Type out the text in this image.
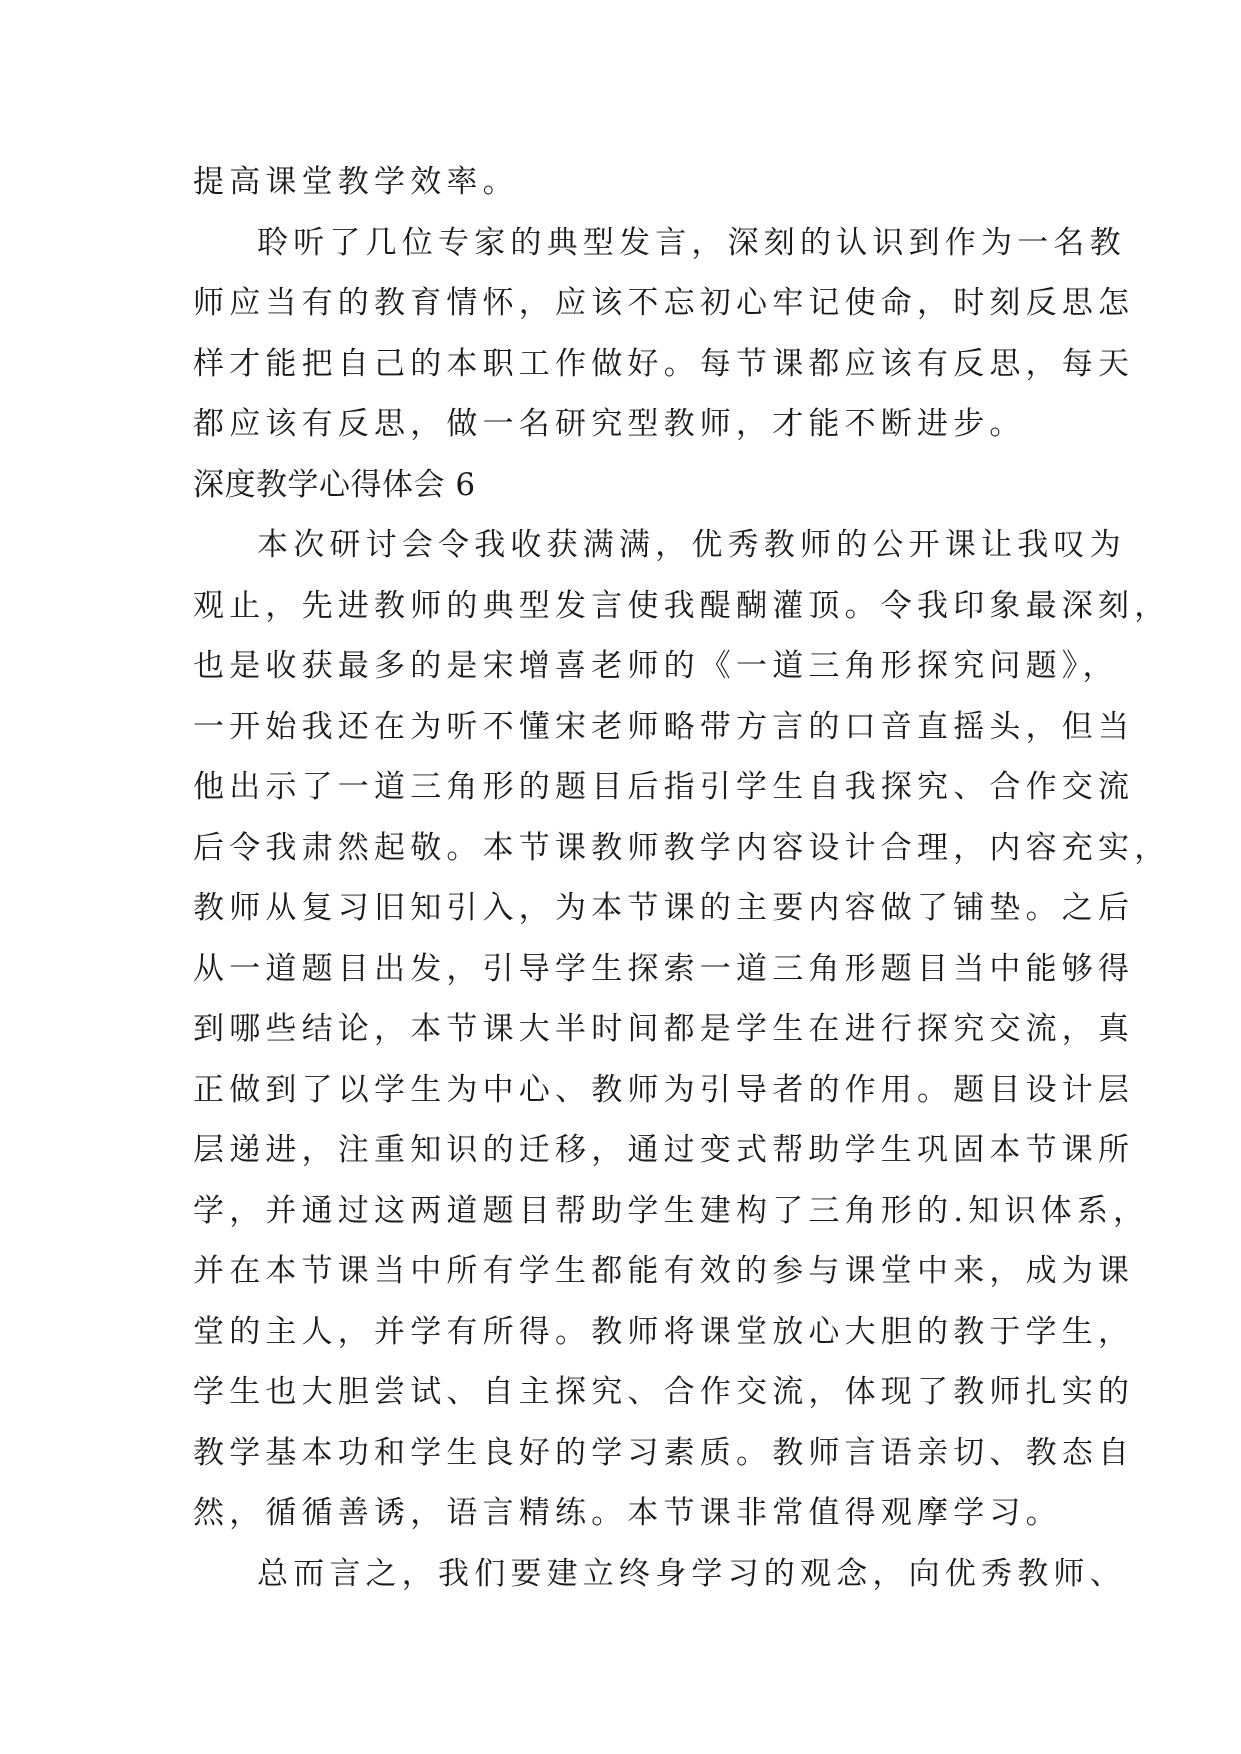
提高课堂教学效率。
聆听了几位专家的典型发言，深刻的认识到作为一名教
师应当有的教育情怀，应该不忘初心牢记使命，时刻反思怎
样才能把自己的本职工作做好。每节课都应该有反思，每天
都应该有反思，做一名研究型教师，才能不断进步。
深度教学心得体会 6
本次研讨会令我收获满满，优秀教师的公开课让我叹为
观止，先进教师的典型发言使我醍醐灌顶。令我印象最深刻，
也是收获最多的是宋增喜老师的《一道三角形探究问题》，
一开始我还在为听不懂宋老师略带方言的口音直摇头，但当
他出示了一道三角形的题目后指引学生自我探究、合作交流
后令我肃然起敬。本节课教师教学内容设计合理，内容充实，
教师从复习旧知引入，为本节课的主要内容做了铺垫。之后
从一道题目出发，引导学生探索一道三角形题目当中能够得
到哪些结论，本节课大半时间都是学生在进行探究交流，真
正做到了以学生为中心、教师为引导者的作用。题目设计层
层递进，注重知识的迁移，通过变式帮助学生巩固本节课所
学，并通过这两道题目帮助学生建构了三角形的.知识体系，
并在本节课当中所有学生都能有效的参与课堂中来，成为课
堂的主人，并学有所得。教师将课堂放心大胆的教于学生，
学生也大胆尝试、自主探究、合作交流，体现了教师扎实的
教学基本功和学生良好的学习素质。教师言语亲切、教态自
然，循循善诱，语言精练。本节课非常值得观摩学习。
总而言之，我们要建立终身学习的观念，向优秀教师、
